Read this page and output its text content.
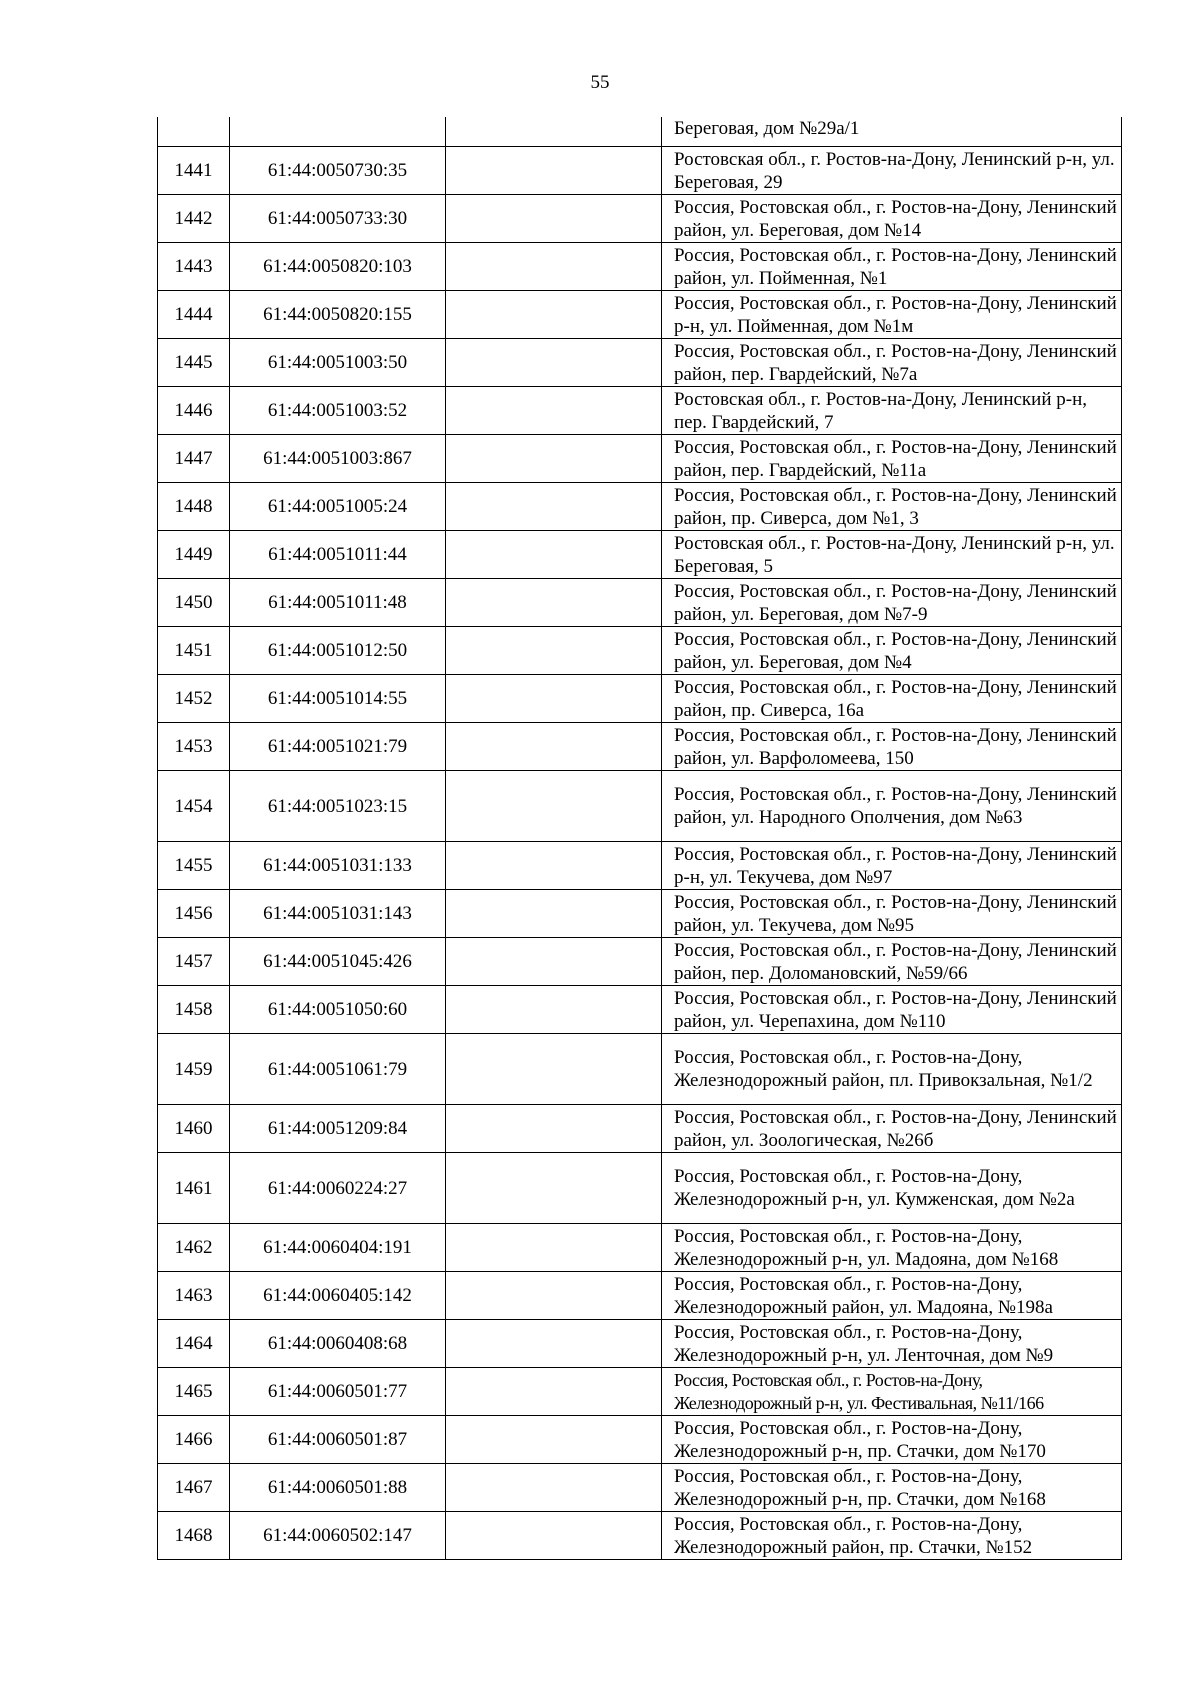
55
			Береговая, дом №29а/1
1441	61:44:0050730:35		Ростовская обл., г. Ростов-на-Дону, Ленинский р-н, ул. Береговая, 29
1442	61:44:0050733:30		Россия, Ростовская обл., г. Ростов-на-Дону, Ленинский район, ул. Береговая, дом №14
1443	61:44:0050820:103		Россия, Ростовская обл., г. Ростов-на-Дону, Ленинский район, ул. Пойменная, №1
1444	61:44:0050820:155		Россия, Ростовская обл., г. Ростов-на-Дону, Ленинский р-н, ул. Пойменная, дом №1м
1445	61:44:0051003:50		Россия, Ростовская обл., г. Ростов-на-Дону, Ленинский район, пер. Гвардейский, №7а
1446	61:44:0051003:52		Ростовская обл., г. Ростов-на-Дону, Ленинский р-н, пер. Гвардейский, 7
1447	61:44:0051003:867		Россия, Ростовская обл., г. Ростов-на-Дону, Ленинский район, пер. Гвардейский, №11а
1448	61:44:0051005:24		Россия, Ростовская обл., г. Ростов-на-Дону, Ленинский район, пр. Сиверса, дом №1, 3
1449	61:44:0051011:44		Ростовская обл., г. Ростов-на-Дону, Ленинский р-н, ул. Береговая, 5
1450	61:44:0051011:48		Россия, Ростовская обл., г. Ростов-на-Дону, Ленинский район, ул. Береговая, дом №7-9
1451	61:44:0051012:50		Россия, Ростовская обл., г. Ростов-на-Дону, Ленинский район, ул. Береговая, дом №4
1452	61:44:0051014:55		Россия, Ростовская обл., г. Ростов-на-Дону, Ленинский район, пр. Сиверса, 16а
1453	61:44:0051021:79		Россия, Ростовская обл., г. Ростов-на-Дону, Ленинский район, ул. Варфоломеева, 150
1454	61:44:0051023:15		Россия, Ростовская обл., г. Ростов-на-Дону, Ленинский район, ул. Народного Ополчения, дом №63
1455	61:44:0051031:133		Россия, Ростовская обл., г. Ростов-на-Дону, Ленинский р-н, ул. Текучева, дом №97
1456	61:44:0051031:143		Россия, Ростовская обл., г. Ростов-на-Дону, Ленинский район, ул. Текучева, дом №95
1457	61:44:0051045:426		Россия, Ростовская обл., г. Ростов-на-Дону, Ленинский район, пер. Доломановский, №59/66
1458	61:44:0051050:60		Россия, Ростовская обл., г. Ростов-на-Дону, Ленинский район, ул. Черепахина, дом №110
1459	61:44:0051061:79		Россия, Ростовская обл., г. Ростов-на-Дону, Железнодорожный район, пл. Привокзальная, №1/2
1460	61:44:0051209:84		Россия, Ростовская обл., г. Ростов-на-Дону, Ленинский район, ул. Зоологическая, №26б
1461	61:44:0060224:27		Россия, Ростовская обл., г. Ростов-на-Дону, Железнодорожный р-н, ул. Кумженская, дом №2а
1462	61:44:0060404:191		Россия, Ростовская обл., г. Ростов-на-Дону, Железнодорожный р-н, ул. Мадояна, дом №168
1463	61:44:0060405:142		Россия, Ростовская обл., г. Ростов-на-Дону, Железнодорожный район, ул. Мадояна, №198а
1464	61:44:0060408:68		Россия, Ростовская обл., г. Ростов-на-Дону, Железнодорожный р-н, ул. Ленточная, дом №9
1465	61:44:0060501:77		Россия, Ростовская обл., г. Ростов-на-Дону, Железнодорожный р-н, ул. Фестивальная, №11/166
1466	61:44:0060501:87		Россия, Ростовская обл., г. Ростов-на-Дону, Железнодорожный р-н, пр. Стачки, дом №170
1467	61:44:0060501:88		Россия, Ростовская обл., г. Ростов-на-Дону, Железнодорожный р-н, пр. Стачки, дом №168
1468	61:44:0060502:147		Россия, Ростовская обл., г. Ростов-на-Дону, Железнодорожный район, пр. Стачки, №152
